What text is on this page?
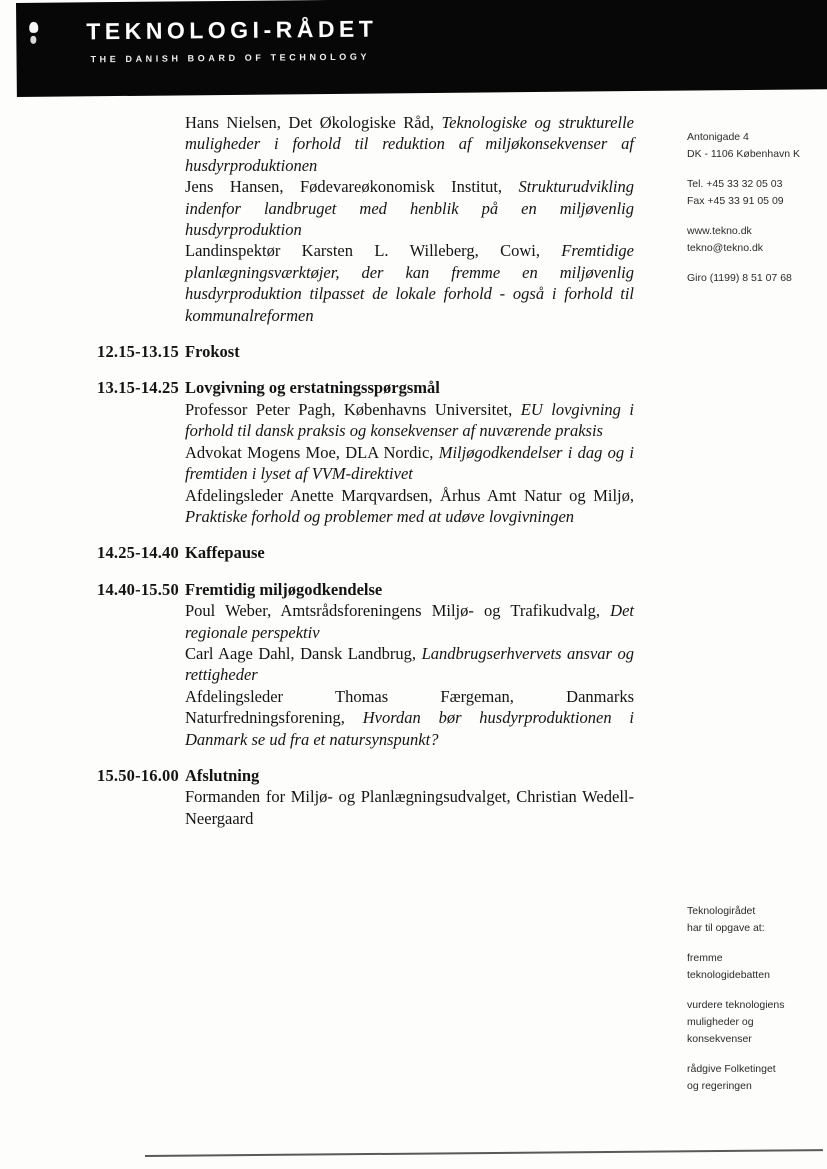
TEKNOLOGI-RÅDET
THE DANISH BOARD OF TECHNOLOGY

Hans Nielsen, Det Økologiske Råd, Teknologiske og strukturelle muligheder i forhold til reduktion af miljøkonsekvenser af husdyrproduktionen

Jens Hansen, Fødevareøkonomisk Institut, Strukturudvikling indenfor landbruget med henblik på en miljøvenlig husdyrproduktion

Landinspektør Karsten L. Willeberg, Cowi, Fremtidige planlægningsværktøjer, der kan fremme en miljøvenlig husdyrproduktion tilpasset de lokale forhold - også i forhold til kommunalreformen

12.15-13.15 Frokost

13.15-14.25 Lovgivning og erstatningsspørgsmål

Professor Peter Pagh, Københavns Universitet, EU lovgivning i forhold til dansk praksis og konsekvenser af nuværende praksis

Advokat Mogens Moe, DLA Nordic, Miljøgodkendelser i dag og i fremtiden i lyset af VVM-direktivet

Afdelingsleder Anette Marqvardsen, Århus Amt Natur og Miljø, Praktiske forhold og problemer med at udøve lovgivningen

14.25-14.40 Kaffepause

14.40-15.50 Fremtidig miljøgodkendelse

Poul Weber, Amtsrådsforeningens Miljø- og Trafikudvalg, Det regionale perspektiv

Carl Aage Dahl, Dansk Landbrug, Landbrugserhvervets ansvar og rettigheder

Afdelingsleder Thomas Færgeman, Danmarks Naturfredningsforening, Hvordan bør husdyrproduktionen i Danmark se ud fra et natursynspunkt?

15.50-16.00 Afslutning

Formanden for Miljø- og Planlægningsudvalget, Christian Wedell-Neergaard

Antonigade 4

DK - 1106 København K

Tel. +45 33 32 05 03

Fax +45 33 91 05 09

www.tekno.dk

tekno@tekno.dk

Giro (1199) 8 51 07 68

Teknologirådet

har til opgave at:

fremme

teknologidebatten

vurdere teknologiens

muligheder og

konsekvenser

rådgive Folketinget

og regeringen
